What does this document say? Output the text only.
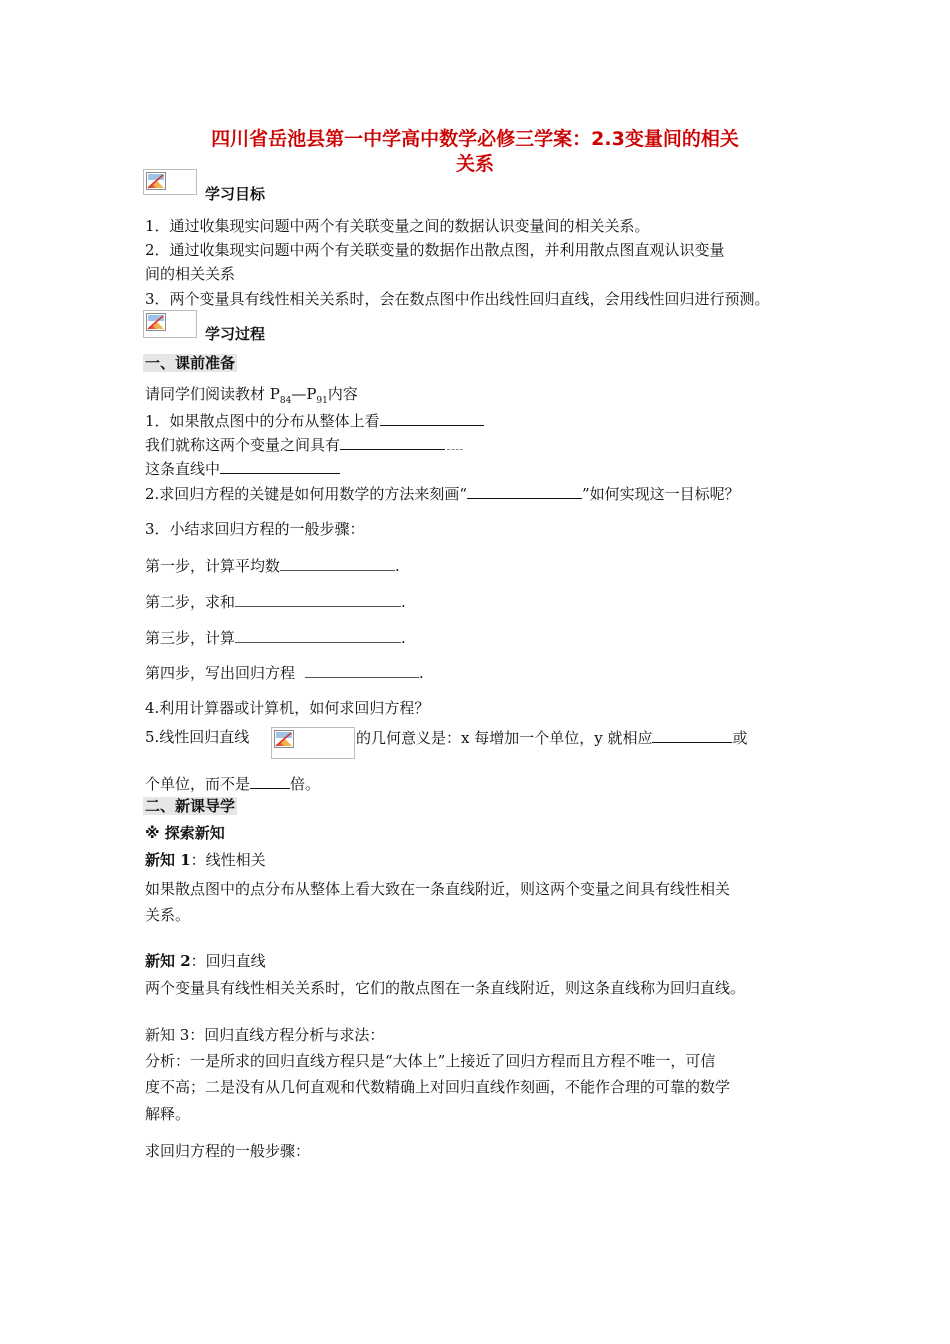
四川省岳池县第一中学高中数学必修三学案：2.3变量间的相关
关系
学习目标
1．通过收集现实问题中两个有关联变量之间的数据认识变量间的相关关系。
2．通过收集现实问题中两个有关联变量的数据作出散点图，并利用散点图直观认识变量
间的相关关系
3．两个变量具有线性相关关系时，会在数点图中作出线性回归直线，会用线性回归进行预测。
学习过程
一、课前准备
请同学们阅读教材 $P_{84}—P_{91}$内容
1．如果散点图中的分布从整体上看
我们就称这两个变量之间具有
这条直线中
2.求回归方程的关键是如何用数学的方法来刻画“	”如何实现这一目标呢？
3．小结求回归方程的一般步骤：
第一步，计算平均数	.
第二步，求和	.
第三步，计算	.
第四步，写出回归方程	.
4.利用计算器或计算机，如何求回归方程？
5.线性回归直线	的几何意义是：x 每增加一个单位，y 就相应	或
个单位，而不是	倍。
二、新课导学
※ 探索新知
新知 1：线性相关
如果散点图中的点分布从整体上看大致在一条直线附近，则这两个变量之间具有线性相关
关系。
新知 2：回归直线
两个变量具有线性相关关系时，它们的散点图在一条直线附近，则这条直线称为回归直线。
新知 3：回归直线方程分析与求法：
分析：一是所求的回归直线方程只是“大体上”上接近了回归方程而且方程不唯一，可信
度不高；二是没有从几何直观和代数精确上对回归直线作刻画，不能作合理的可靠的数学
解释。
求回归方程的一般步骤：
